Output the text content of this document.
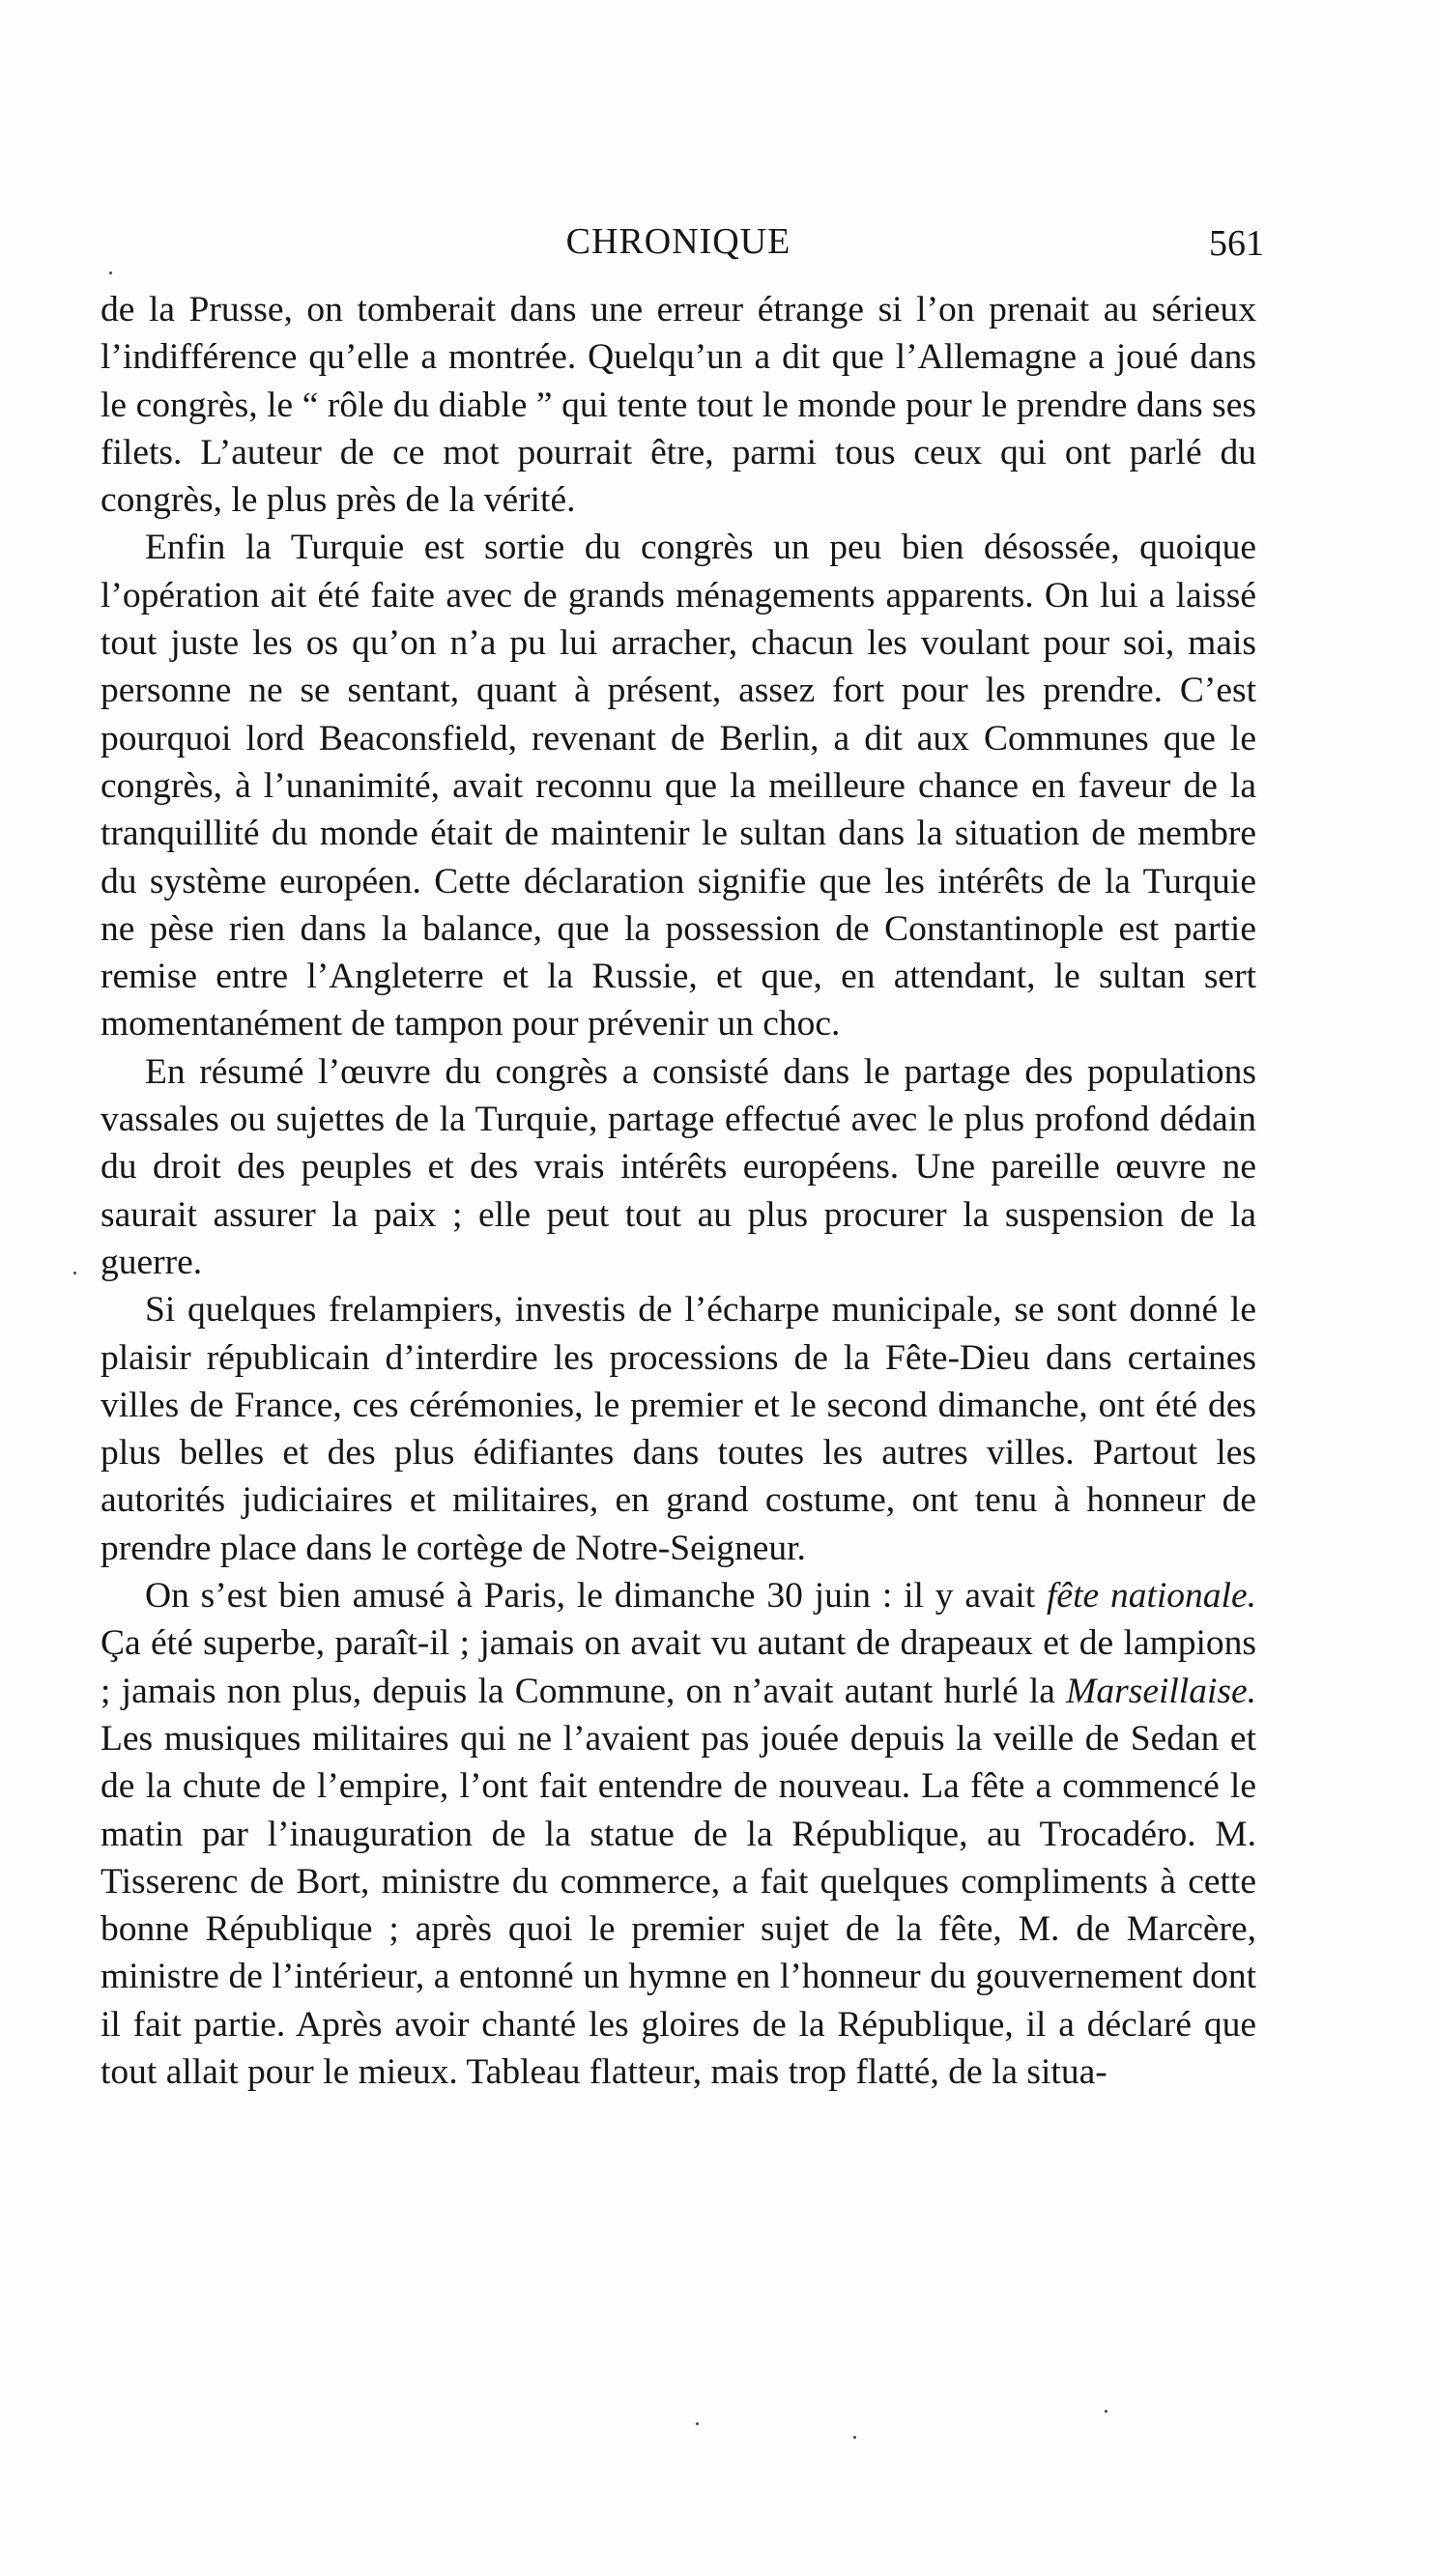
CHRONIQUE	561

de la Prusse, on tomberait dans une erreur étrange si l’on prenait au sérieux l’indifférence qu’elle a montrée. Quelqu’un a dit que l’Allemagne a joué dans le congrès, le “ rôle du diable ” qui tente tout le monde pour le prendre dans ses filets. L’auteur de ce mot pourrait être, parmi tous ceux qui ont parlé du congrès, le plus près de la vérité.

Enfin la Turquie est sortie du congrès un peu bien désossée, quoique l’opération ait été faite avec de grands ménagements apparents. On lui a laissé tout juste les os qu’on n’a pu lui arracher, chacun les voulant pour soi, mais personne ne se sentant, quant à présent, assez fort pour les prendre. C’est pourquoi lord Beaconsfield, revenant de Berlin, a dit aux Communes que le congrès, à l’unanimité, avait reconnu que la meilleure chance en faveur de la tranquillité du monde était de maintenir le sultan dans la situation de membre du système européen. Cette déclaration signifie que les intérêts de la Turquie ne pèse rien dans la balance, que la possession de Constantinople est partie remise entre l’Angleterre et la Russie, et que, en attendant, le sultan sert momentanément de tampon pour prévenir un choc.

En résumé l’œuvre du congrès a consisté dans le partage des populations vassales ou sujettes de la Turquie, partage effectué avec le plus profond dédain du droit des peuples et des vrais intérêts européens. Une pareille œuvre ne saurait assurer la paix ; elle peut tout au plus procurer la suspension de la guerre.

Si quelques frelampiers, investis de l’écharpe municipale, se sont donné le plaisir républicain d’interdire les processions de la Fête-Dieu dans certaines villes de France, ces cérémonies, le premier et le second dimanche, ont été des plus belles et des plus édifiantes dans toutes les autres villes. Partout les autorités judiciaires et militaires, en grand costume, ont tenu à honneur de prendre place dans le cortège de Notre-Seigneur.

On s’est bien amusé à Paris, le dimanche 30 juin : il y avait fête nationale. Ça été superbe, paraît-il ; jamais on avait vu autant de drapeaux et de lampions ; jamais non plus, depuis la Commune, on n’avait autant hurlé la Marseillaise. Les musiques militaires qui ne l’avaient pas jouée depuis la veille de Sedan et de la chute de l’empire, l’ont fait entendre de nouveau. La fête a commencé le matin par l’inauguration de la statue de la République, au Trocadéro. M. Tisserenc de Bort, ministre du commerce, a fait quelques compliments à cette bonne République ; après quoi le premier sujet de la fête, M. de Marcère, ministre de l’intérieur, a entonné un hymne en l’honneur du gouvernement dont il fait partie. Après avoir chanté les gloires de la République, il a déclaré que tout allait pour le mieux. Tableau flatteur, mais trop flatté, de la situa-
